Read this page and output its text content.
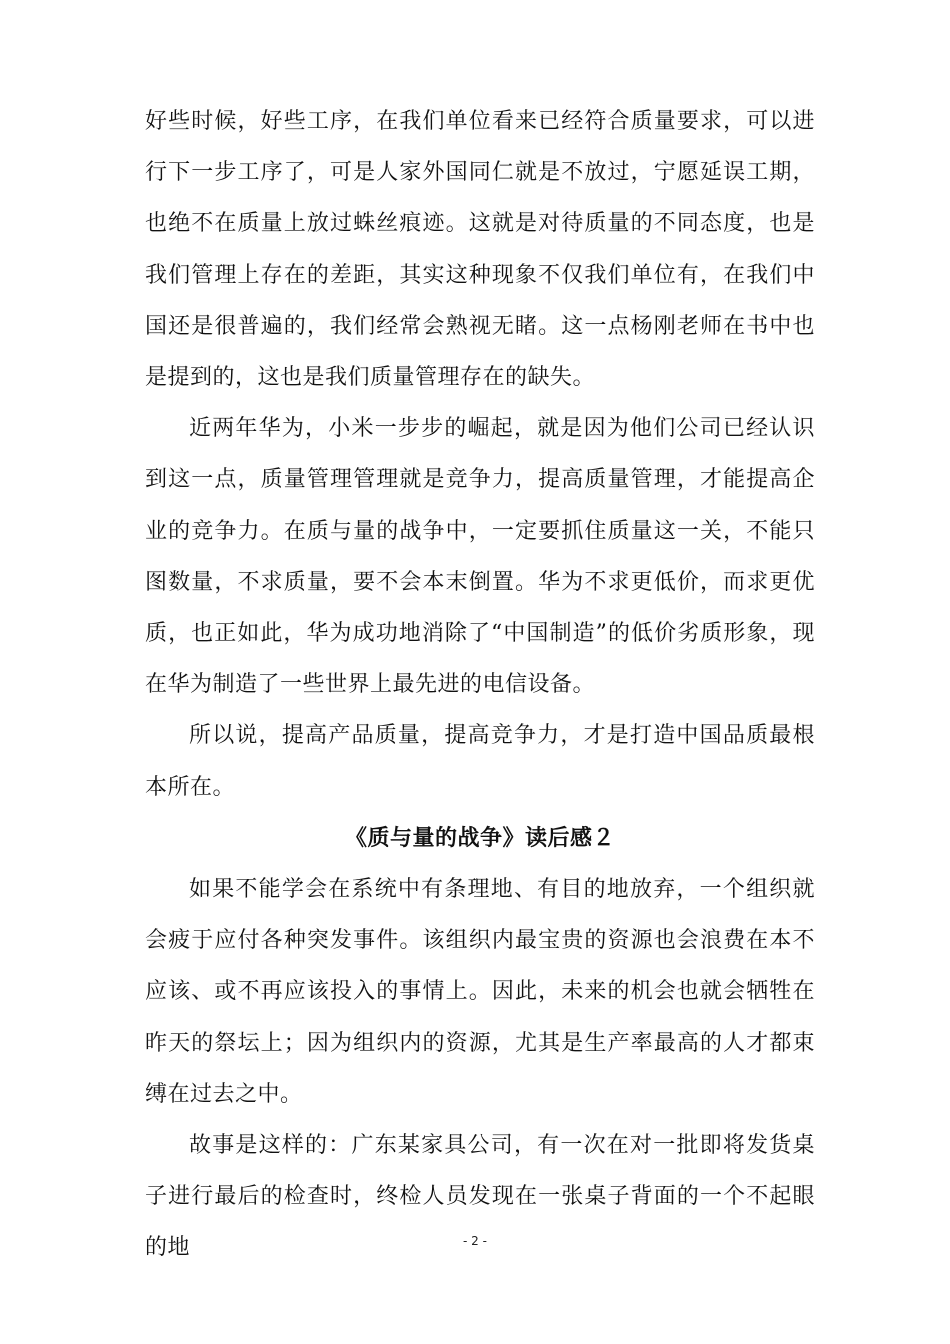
好些时候，好些工序，在我们单位看来已经符合质量要求，可以进行下一步工序了，可是人家外国同仁就是不放过，宁愿延误工期，也绝不在质量上放过蛛丝痕迹。这就是对待质量的不同态度，也是我们管理上存在的差距，其实这种现象不仅我们单位有，在我们中国还是很普遍的，我们经常会熟视无睹。这一点杨刚老师在书中也是提到的，这也是我们质量管理存在的缺失。

近两年华为，小米一步步的崛起，就是因为他们公司已经认识到这一点，质量管理管理就是竞争力，提高质量管理，才能提高企业的竞争力。在质与量的战争中，一定要抓住质量这一关，不能只图数量，不求质量，要不会本末倒置。华为不求更低价，而求更优质，也正如此，华为成功地消除了“中国制造”的低价劣质形象，现在华为制造了一些世界上最先进的电信设备。

所以说，提高产品质量，提高竞争力，才是打造中国品质最根本所在。

《质与量的战争》读后感２

如果不能学会在系统中有条理地、有目的地放弃，一个组织就会疲于应付各种突发事件。该组织内最宝贵的资源也会浪费在本不应该、或不再应该投入的事情上。因此，未来的机会也就会牺牲在昨天的祭坛上；因为组织内的资源，尤其是生产率最高的人才都束缚在过去之中。

故事是这样的：广东某家具公司，有一次在对一批即将发货桌子进行最后的检查时，终检人员发现在一张桌子背面的一个不起眼的地	- 2 -
